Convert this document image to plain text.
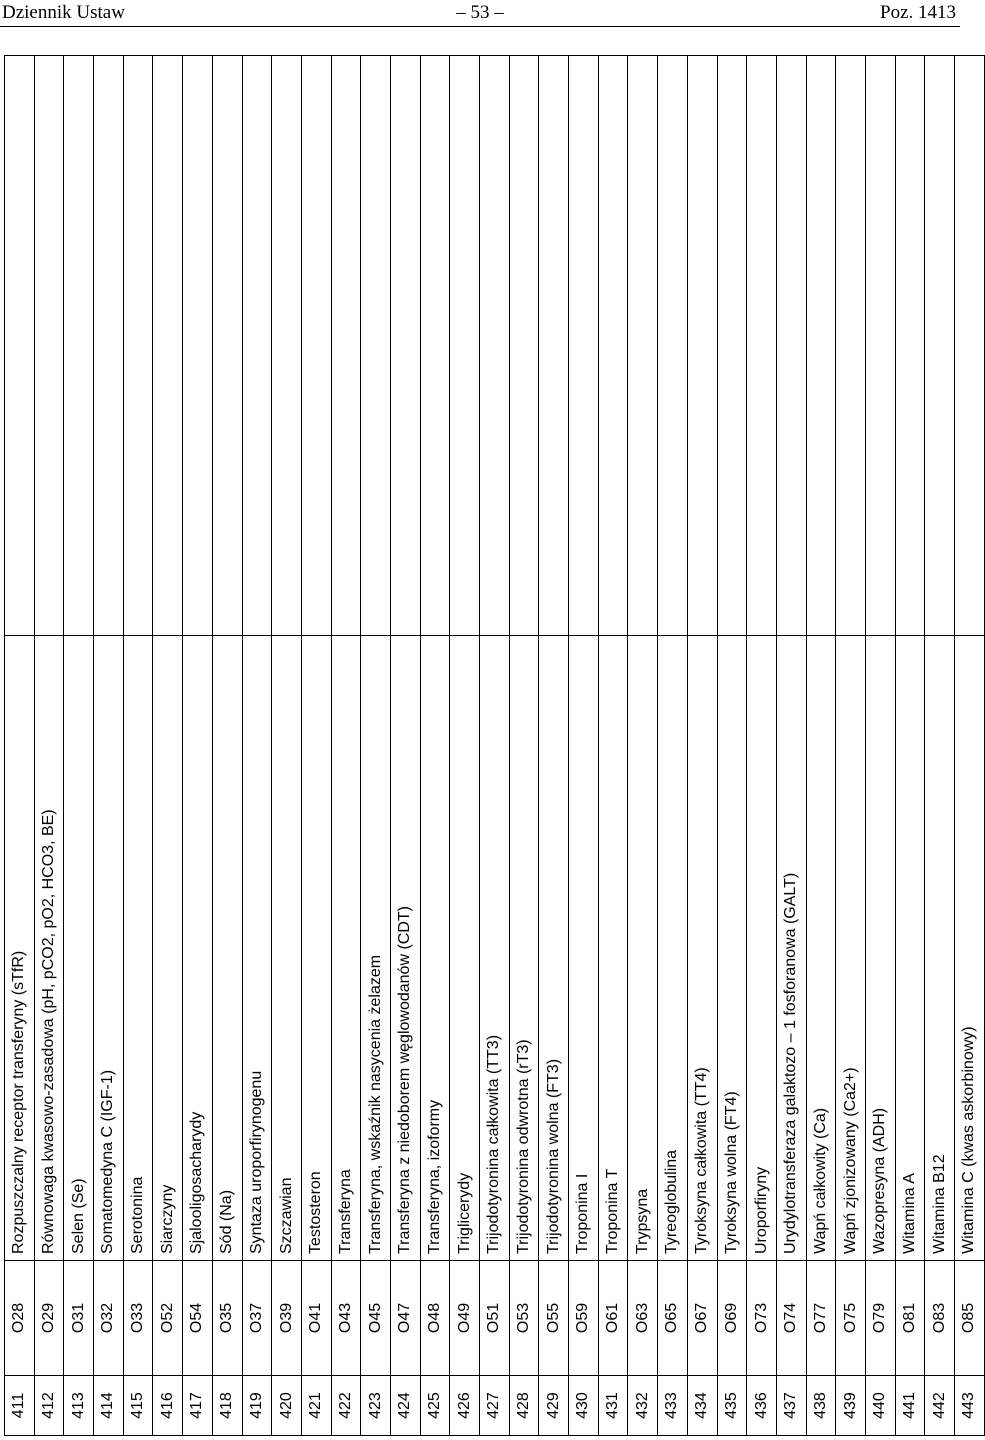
Dziennik Ustaw	– 53 –	Poz. 1413
411	O28	Rozpuszczalny receptor transferyny (sTfR)	
412	O29	Równowaga kwasowo-zasadowa (pH, pCO2, pO2, HCO3, BE)	
413	O31	Selen (Se)	
414	O32	Somatomedyna C (IGF-1)	
415	O33	Serotonina	
416	O52	Siarczyny	
417	O54	Sjalooligosacharydy	
418	O35	Sód (Na)	
419	O37	Syntaza uroporfirynogenu	
420	O39	Szczawian	
421	O41	Testosteron	
422	O43	Transferyna	
423	O45	Transferyna, wskaźnik nasycenia żelazem	
424	O47	Transferyna z niedoborem węglowodanów (CDT)	
425	O48	Transferyna, izoformy	
426	O49	Triglicerydy	
427	O51	Trijodotyronina całkowita (TT3)	
428	O53	Trijodotyronina odwrotna (rT3)	
429	O55	Trijodotyronina wolna (FT3)	
430	O59	Troponina I	
431	O61	Troponina T	
432	O63	Trypsyna	
433	O65	Tyreoglobulina	
434	O67	Tyroksyna całkowita (TT4)	
435	O69	Tyroksyna wolna (FT4)	
436	O73	Uroporfiryny	
437	O74	Urydylotransferaza galaktozo – 1 fosforanowa (GALT)	
438	O77	Wapń całkowity (Ca)	
439	O75	Wapń zjonizowany (Ca2+)	
440	O79	Wazopresyna (ADH)	
441	O81	Witamina A	
442	O83	Witamina B12	
443	O85	Witamina C (kwas askorbinowy)	
